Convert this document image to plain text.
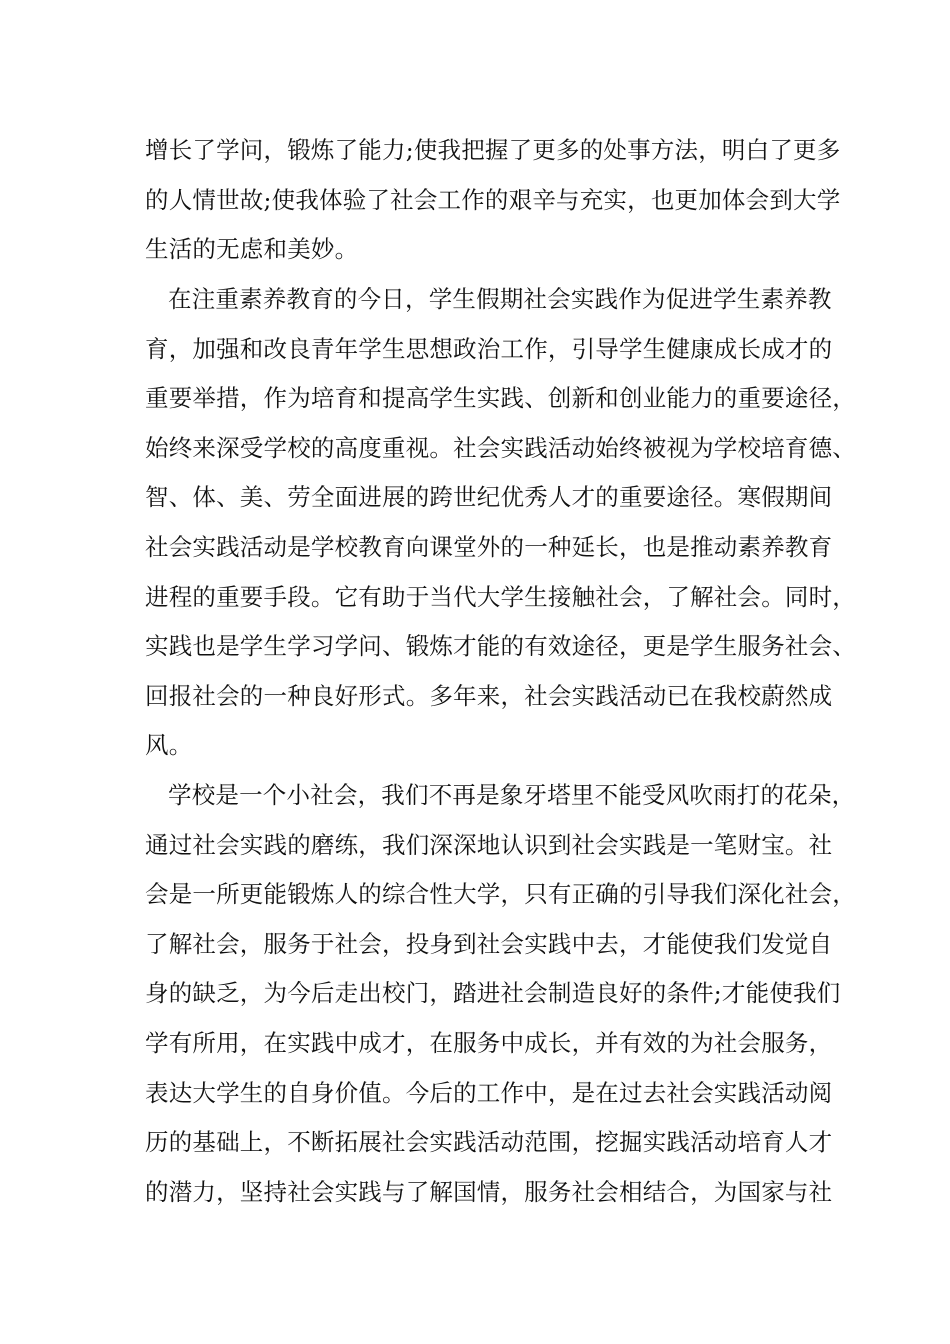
增长了学问，锻炼了能力;使我把握了更多的处事方法，明白了更多
的人情世故;使我体验了社会工作的艰辛与充实，也更加体会到大学
生活的无虑和美妙。
在注重素养教育的今日，学生假期社会实践作为促进学生素养教
育，加强和改良青年学生思想政治工作，引导学生健康成长成才的
重要举措，作为培育和提高学生实践、创新和创业能力的重要途径，
始终来深受学校的高度重视。社会实践活动始终被视为学校培育德、
智、体、美、劳全面进展的跨世纪优秀人才的重要途径。寒假期间
社会实践活动是学校教育向课堂外的一种延长，也是推动素养教育
进程的重要手段。它有助于当代大学生接触社会，了解社会。同时，
实践也是学生学习学问、锻炼才能的有效途径，更是学生服务社会、
回报社会的一种良好形式。多年来，社会实践活动已在我校蔚然成
风。
学校是一个小社会，我们不再是象牙塔里不能受风吹雨打的花朵，
通过社会实践的磨练，我们深深地认识到社会实践是一笔财宝。社
会是一所更能锻炼人的综合性大学，只有正确的引导我们深化社会，
了解社会，服务于社会，投身到社会实践中去，才能使我们发觉自
身的缺乏，为今后走出校门，踏进社会制造良好的条件;才能使我们
学有所用，在实践中成才，在服务中成长，并有效的为社会服务，
表达大学生的自身价值。今后的工作中，是在过去社会实践活动阅
历的基础上，不断拓展社会实践活动范围，挖掘实践活动培育人才
的潜力，坚持社会实践与了解国情，服务社会相结合，为国家与社
